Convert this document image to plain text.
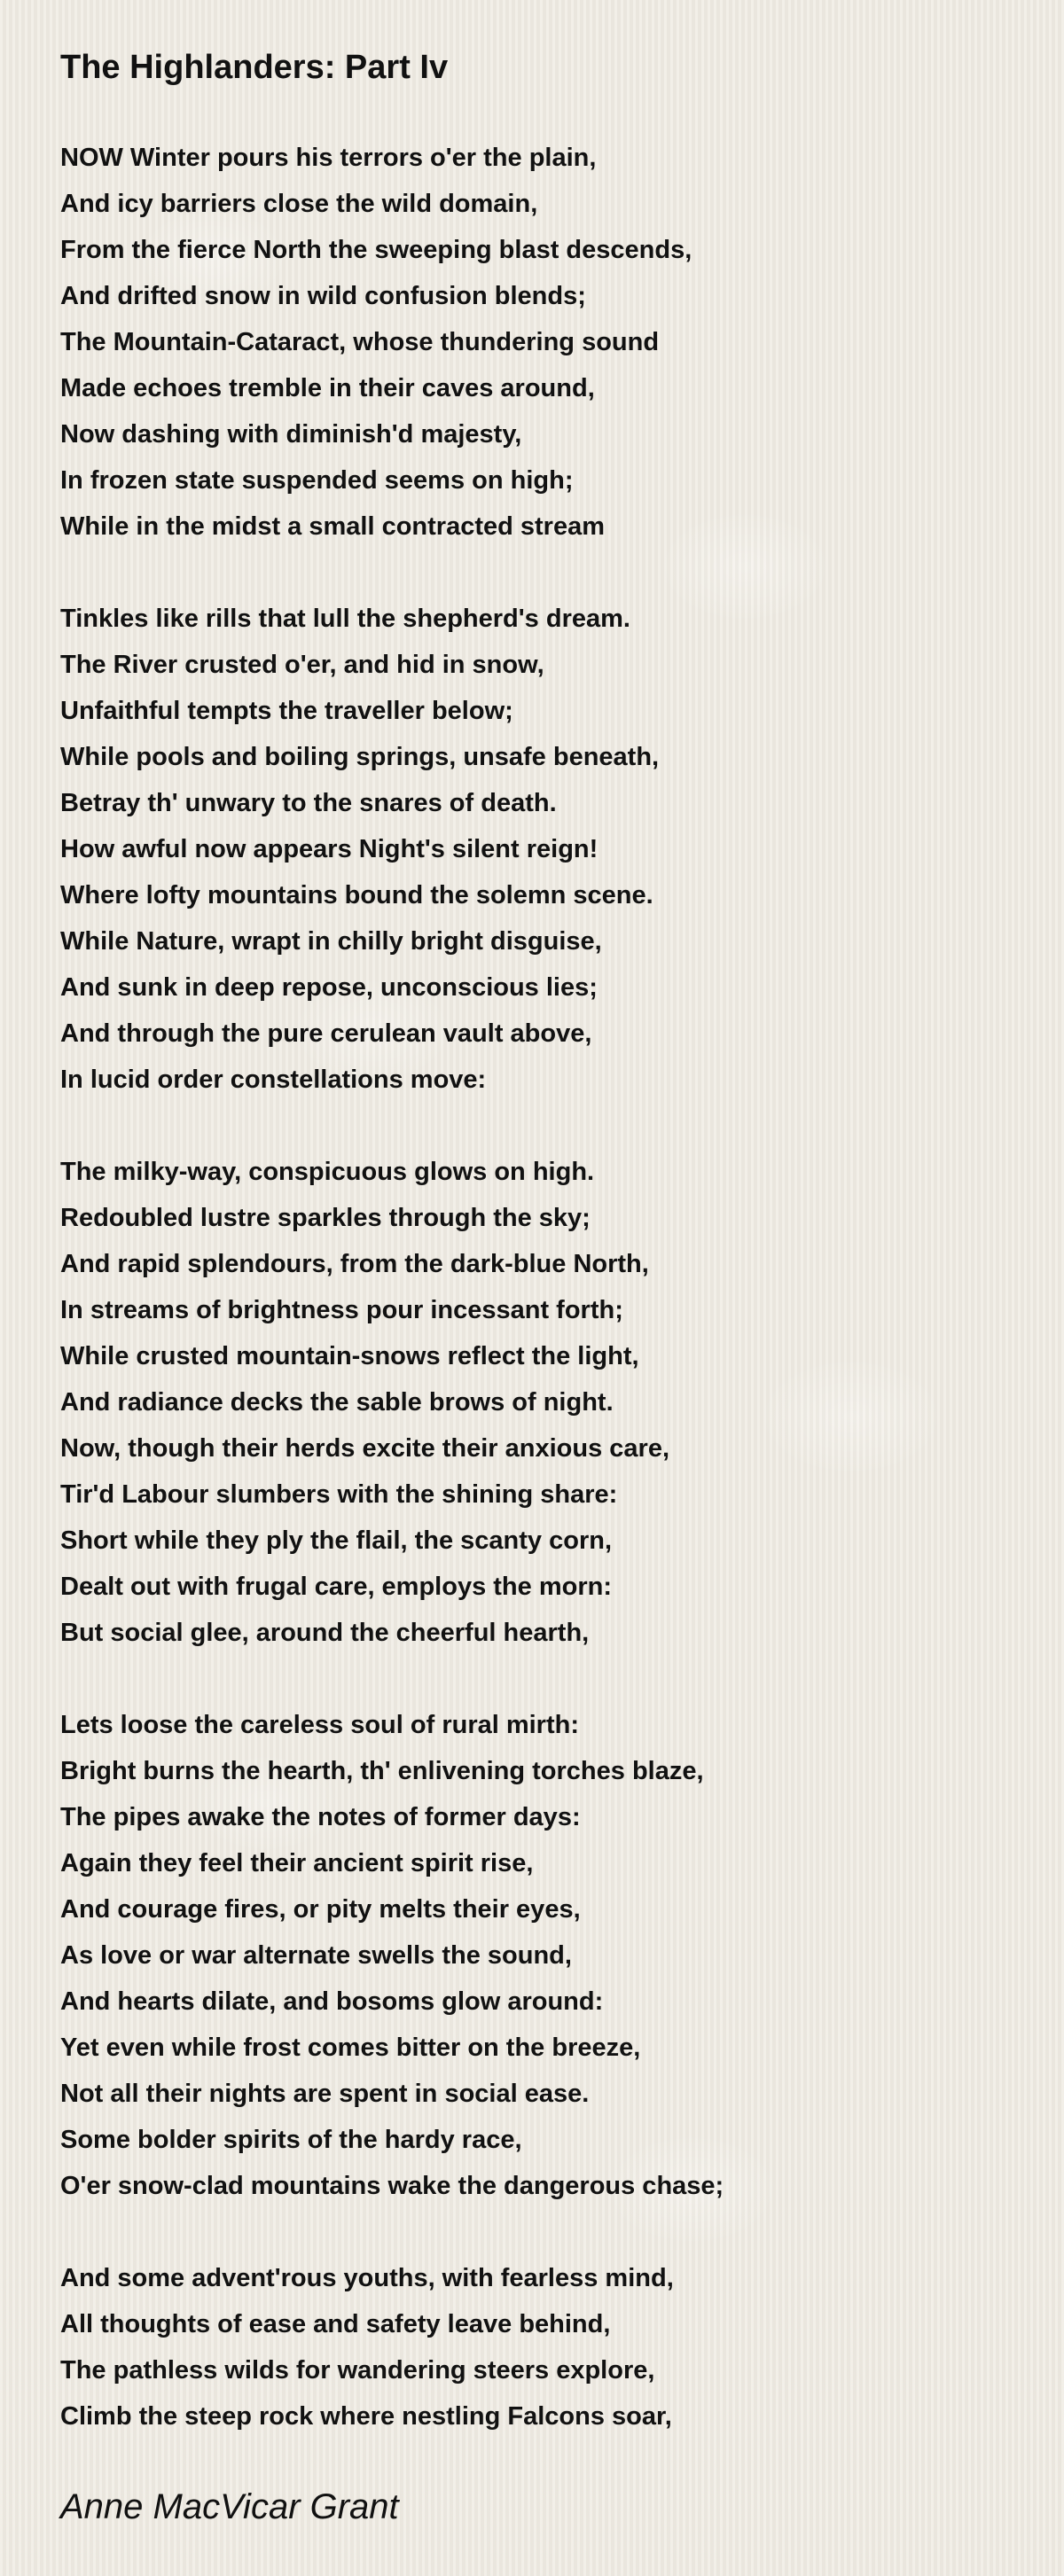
The Highlanders: Part Iv
NOW Winter pours his terrors o'er the plain,
And icy barriers close the wild domain,
From the fierce North the sweeping blast descends,
And drifted snow in wild confusion blends;
The Mountain-Cataract, whose thundering sound
Made echoes tremble in their caves around,
Now dashing with diminish'd majesty,
In frozen state suspended seems on high;
While in the midst a small contracted stream
Tinkles like rills that lull the shepherd's dream.
The River crusted o'er, and hid in snow,
Unfaithful tempts the traveller below;
While pools and boiling springs, unsafe beneath,
Betray th' unwary to the snares of death.
How awful now appears Night's silent reign!
Where lofty mountains bound the solemn scene.
While Nature, wrapt in chilly bright disguise,
And sunk in deep repose, unconscious lies;
And through the pure cerulean vault above,
In lucid order constellations move:
The milky-way, conspicuous glows on high.
Redoubled lustre sparkles through the sky;
And rapid splendours, from the dark-blue North,
In streams of brightness pour incessant forth;
While crusted mountain-snows reflect the light,
And radiance decks the sable brows of night.
Now, though their herds excite their anxious care,
Tir'd Labour slumbers with the shining share:
Short while they ply the flail, the scanty corn,
Dealt out with frugal care, employs the morn:
But social glee, around the cheerful hearth,
Lets loose the careless soul of rural mirth:
Bright burns the hearth, th' enlivening torches blaze,
The pipes awake the notes of former days:
Again they feel their ancient spirit rise,
And courage fires, or pity melts their eyes,
As love or war alternate swells the sound,
And hearts dilate, and bosoms glow around:
Yet even while frost comes bitter on the breeze,
Not all their nights are spent in social ease.
Some bolder spirits of the hardy race,
O'er snow-clad mountains wake the dangerous chase;
And some advent'rous youths, with fearless mind,
All thoughts of ease and safety leave behind,
The pathless wilds for wandering steers explore,
Climb the steep rock where nestling Falcons soar,
Anne MacVicar Grant
